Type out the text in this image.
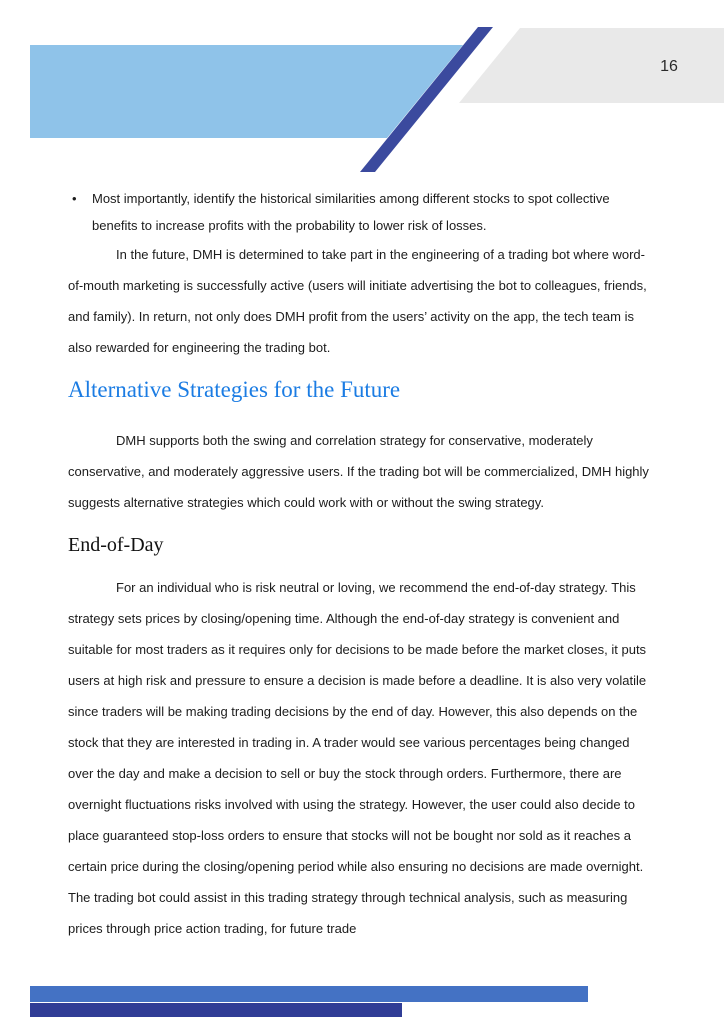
16
•	Most importantly, identify the historical similarities among different stocks to spot collective benefits to increase profits with the probability to lower risk of losses.

In the future, DMH is determined to take part in the engineering of a trading bot where word-of-mouth marketing is successfully active (users will initiate advertising the bot to colleagues, friends, and family). In return, not only does DMH profit from the users’ activity on the app, the tech team is also rewarded for engineering the trading bot.

Alternative Strategies for the Future

DMH supports both the swing and correlation strategy for conservative, moderately conservative, and moderately aggressive users. If the trading bot will be commercialized, DMH highly suggests alternative strategies which could work with or without the swing strategy.

End-of-Day

For an individual who is risk neutral or loving, we recommend the end-of-day strategy. This strategy sets prices by closing/opening time. Although the end-of-day strategy is convenient and suitable for most traders as it requires only for decisions to be made before the market closes, it puts users at high risk and pressure to ensure a decision is made before a deadline. It is also very volatile since traders will be making trading decisions by the end of day. However, this also depends on the stock that they are interested in trading in. A trader would see various percentages being changed over the day and make a decision to sell or buy the stock through orders. Furthermore, there are overnight fluctuations risks involved with using the strategy. However, the user could also decide to place guaranteed stop-loss orders to ensure that stocks will not be bought nor sold as it reaches a certain price during the closing/opening period while also ensuring no decisions are made overnight. The trading bot could assist in this trading strategy through technical analysis, such as measuring prices through price action trading, for future trade
